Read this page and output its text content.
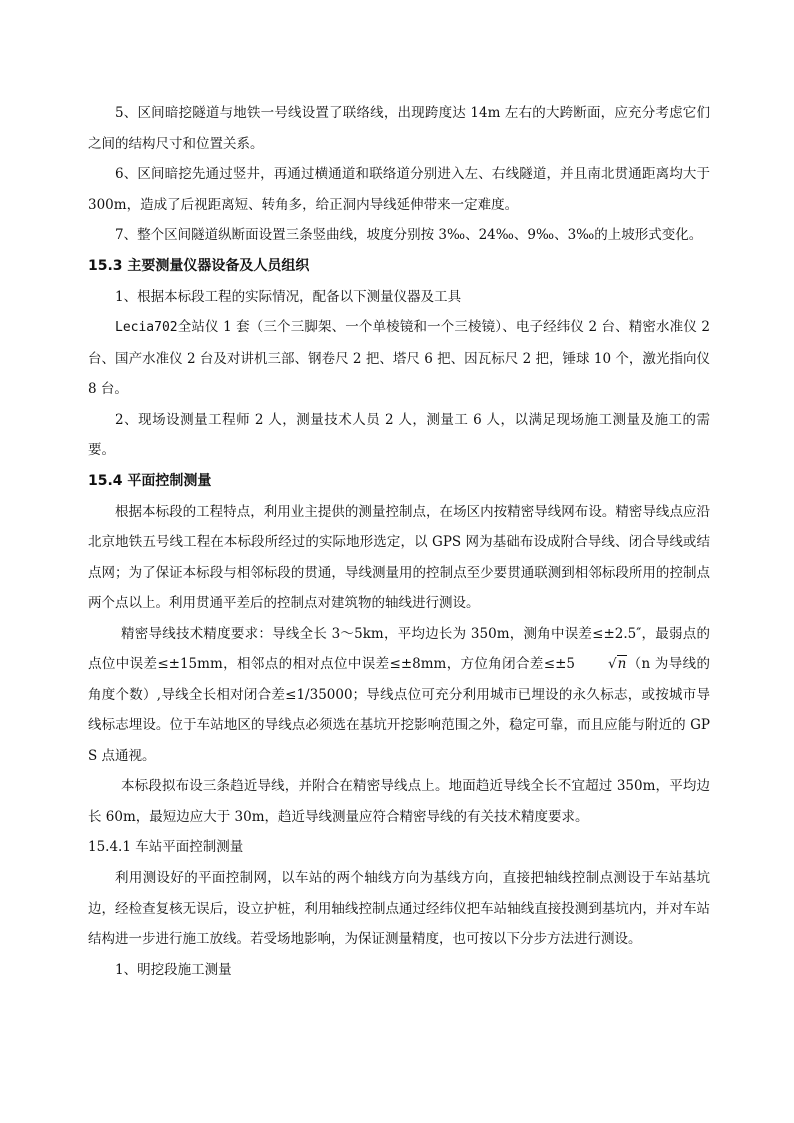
5、区间暗挖隧道与地铁一号线设置了联络线，出现跨度达 14m 左右的大跨断面，应充分考虑它们之间的结构尺寸和位置关系。

6、区间暗挖先通过竖井，再通过横通道和联络道分别进入左、右线隧道，并且南北贯通距离均大于 300m，造成了后视距离短、转角多，给正洞内导线延伸带来一定难度。

7、整个区间隧道纵断面设置三条竖曲线，坡度分别按 3‰、24‰、9‰、3‰的上坡形式变化。

15.3 主要测量仪器设备及人员组织

1、根据本标段工程的实际情况，配备以下测量仪器及工具

Lecia702全站仪 1 套（三个三脚架、一个单棱镜和一个三棱镜）、电子经纬仪 2 台、精密水准仪 2 台、国产水准仪 2 台及对讲机三部、钢卷尺 2 把、塔尺 6 把、因瓦标尺 2 把，锤球 10 个，激光指向仪 8 台。

2、现场设测量工程师 2 人，测量技术人员 2 人，测量工 6 人，以满足现场施工测量及施工的需要。

15.4 平面控制测量

根据本标段的工程特点，利用业主提供的测量控制点，在场区内按精密导线网布设。精密导线点应沿北京地铁五号线工程在本标段所经过的实际地形选定，以 GPS 网为基础布设成附合导线、闭合导线或结点网；为了保证本标段与相邻标段的贯通，导线测量用的控制点至少要贯通联测到相邻标段所用的控制点两个点以上。利用贯通平差后的控制点对建筑物的轴线进行测设。

精密导线技术精度要求：导线全长 3～5km，平均边长为 350m，测角中误差≤±2.5″，最弱点的点位中误差≤±15mm，相邻点的相对点位中误差≤±8mm，方位角闭合差≤±5 √n（n 为导线的角度个数）,导线全长相对闭合差≤1/35000；导线点位可充分利用城市已埋设的永久标志，或按城市导线标志埋设。位于车站地区的导线点必须选在基坑开挖影响范围之外，稳定可靠，而且应能与附近的 GPS 点通视。

本标段拟布设三条趋近导线，并附合在精密导线点上。地面趋近导线全长不宜超过 350m，平均边长 60m，最短边应大于 30m，趋近导线测量应符合精密导线的有关技术精度要求。

15.4.1 车站平面控制测量

利用测设好的平面控制网，以车站的两个轴线方向为基线方向，直接把轴线控制点测设于车站基坑边，经检查复核无误后，设立护桩，利用轴线控制点通过经纬仪把车站轴线直接投测到基坑内，并对车站结构进一步进行施工放线。若受场地影响，为保证测量精度，也可按以下分步方法进行测设。

1、明挖段施工测量
